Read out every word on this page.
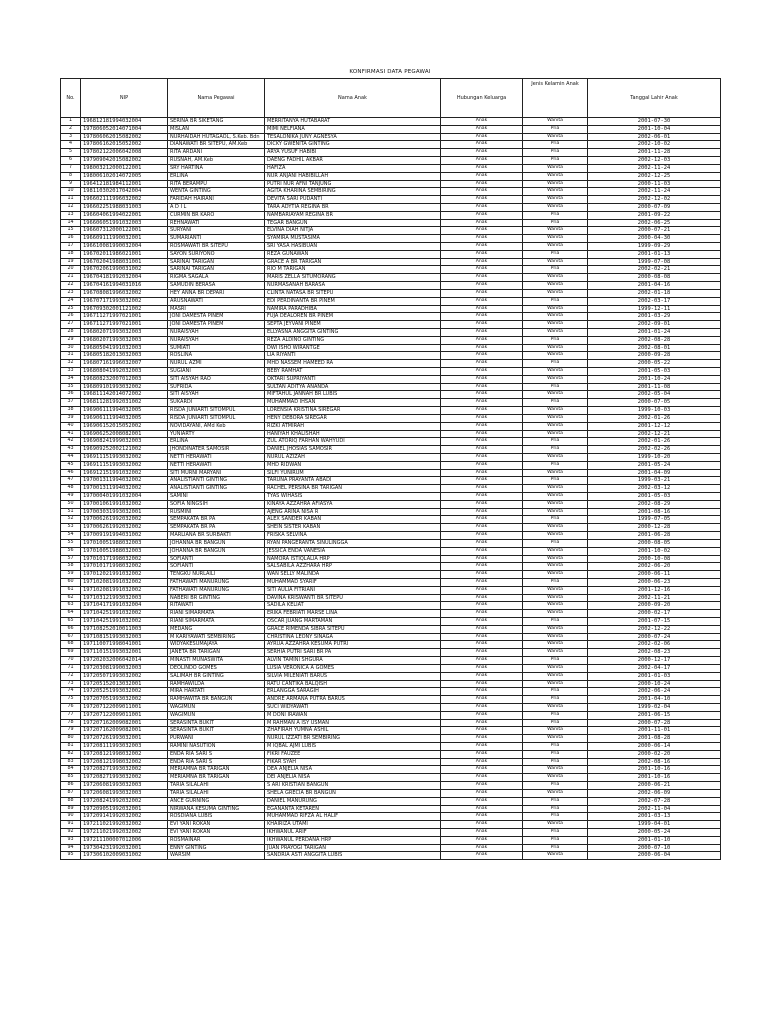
KONFIRMASI DATA PEGAWAI
No.	NIP	Nama Pegawai	Nama Anak	Hubungan Keluarga	Jenis Kelamin Anak	Tanggal Lahir Anak
1	196812181994032004	SERINA BR SIKETANG	MERRITANYA HUTABARAT	Anak	Wanita	2001-07-30
2	197806052014071004	MISLAN	MIMI NELFIANA	Anak	Pria	2001-10-04
3	197806062015082002	NURHAIDAH HUTAGAOL, S.Keb. Bdn	TESALONIKA JUNY AGNESYA	Anak	Wanita	2002-06-01
4	197806162015052002	DIANAWATI BR SITEPU, AM.Keb	DICKY GWENITA GINTING	Anak	Pria	2002-10-02
5	197802122006042008	RITA ARDANI	ARYA YUSUF HABIBI	Anak	Pria	2001-11-28
6	197909042015082002	RUSNAH, AM.Keb	DAENG FADHIL AKBAR	Anak	Pria	2002-12-03
7	198003212000122001	SRY HARTINA	HAFIZA	Anak	Wanita	2002-11-24
8	198006102014072005	ERLINA	NUR ANJANI HABIBILLAH	Anak	Wanita	2002-12-25
9	196412181984112001	RITA BERAMPU	PUTRI NUR AFNI TANJUNG	Anak	Wanita	2000-11-03
10	198110302017042004	WENTA GINTING	AGITA KHARINA SEMBIRING	Anak	Wanita	2002-11-24
11	196602111996032002	FARIDAH HAIRANI	DEVITA SARI PUDANTI	Anak	Wanita	2002-12-02
12	196602251988031003	A D I L	TARA ADYTIA REGINA BR	Anak	Wanita	2000-07-09
13	196604061994022001	CURMIN BR KARO	NAMBARIAYAM REGINA BR	Anak	Pria	2001-09-22
14	196606051991032003	REHNAWATI	TEGAR BANGUN	Anak	Pria	2002-06-25
15	196607312000122001	SURYANI	ELVINA DIAH NITJA	Anak	Wanita	2000-07-21
16	196609111990032001	SUMARIANTI	SYAMIRA MUSTASIMA	Anak	Wanita	2000-04-30
17	196610081990032004	ROSMAWATI BR SITEPU	SRI YASA HASIBUAN	Anak	Wanita	1999-09-29
18	196702011986021001	SAYON SURIYONO	REZA GUNAWAN	Anak	Pria	2001-01-13
19	196702041988031001	SARINAI TARIGAN	GRACE A BR TARIGAN	Anak	Wanita	1999-07-08
20	196702061990031002	SARINAI TARIGAN	RIO M TARIGAN	Anak	Pria	2002-02-21
21	196704181992032004	RIGMA SAGALA	MARIS ZELLA SITUMORANG	Anak	Wanita	2000-08-08
22	196704161994031016	SAMUDIN BERASA	NURMASANAH BARASA	Anak	Wanita	2001-04-16
23	196708081996032002	HEY ANNA BR DEPARI	CLINTA NATASA BR SITEPU	Anak	Wanita	2002-01-18
24	196707171993032002	ARUSNAWATI	EDI PERDINANTA BR PINEM	Anak	Pria	2002-03-17
25	196709302001121002	MASRI	NAMIRA PARADHIBA	Anak	Wanita	1999-12-11
26	196711271997021001	JONI DAMESTA PINEM	FUJA DEALOREN BR PINEM	Anak	Wanita	2001-03-29
27	196711271997021001	JONI DAMESTA PINEM	SEPTA JEYVANI PINEM	Anak	Wanita	2002-09-01
28	196802071993032003	NURAISYAH	ELLYASNA ANGGITA GINTING	Anak	Wanita	2001-01-24
29	196802071993032003	NURAISYAH	REZA ALDINO GINTING	Anak	Pria	2002-08-28
30	196805041991032003	SUMIATI	DWI ISHO WIRANTGE	Anak	Wanita	2002-08-01
31	196805182013032003	ROSLINA	LIA RIYANTI	Anak	Wanita	2000-09-28
32	196807161996032007	NURUL AZMI	MHD NASSEM HAMEED RA	Anak	Pria	2000-05-22
33	196808041992032003	SUGIANI	BEBY RAMHAT	Anak	Wanita	2001-05-03
34	196808232007012003	SITI AISYAH RAO	OKTARI SUPRIYANTI	Anak	Wanita	2001-10-24
35	196809101993032002	SUFRIDA	SULTAN ADITYA ANANDA	Anak	Pria	2001-11-08
36	196811142014072002	SITI AISYAH	MIFTAHUL JANNAH BR LUBIS	Anak	Wanita	2002-05-04
37	196811281992031002	SUKARDI	MUHAMMAD IHSAN	Anak	Pria	2000-07-05
38	196906111994032005	RISDA JUNIARTI SITOMPUL	LORENSIA KRISTINA SIREGAR	Anak	Wanita	1999-10-03
39	196906111994032005	RISDA JUNIARTI SITOMPUL	HENY DEBORA SIREGAR	Anak	Wanita	2002-01-26
40	196906152015052002	NOVIDAYANI, AMd Keb	RIZKI ATMIRAH	Anak	Wanita	2001-12-12
41	196906252008082001	YUNIARTY	HANIYAH KHALISHAH	Anak	Wanita	2002-12-21
42	196908241999032003	ERLINA	ZUL ATORIQ FARHAN WAHYUDI	Anak	Pria	2002-01-26
43	196909252002121002	JHONDINATER SAMOSIR	DANIEL JHOSIAS SAMOSIR	Anak	Pria	2002-02-26
44	196911151993032002	NETTI HERAWATI	NURUL AZIZAH	Anak	Wanita	1999-10-20
45	196911151993032002	NETTI HERAWATI	MHD RIDWAN	Anak	Pria	2001-05-24
46	196912151991032002	SITI MURNI MARYANI	SILFI YUNIRUM	Anak	Wanita	2001-04-09
47	197001311994032002	ANALISTIANTI GINTING	TARUNA PRAYANTA ABADI	Anak	Pria	1999-03-21
48	197001311994032002	ANALISTIANTI GINTING	RACHEL PERSINA BR TARIGAN	Anak	Wanita	2002-03-12
49	197000401991032004	SAMINI	TYAS WIHASIS	Anak	Wanita	2001-05-03
50	197001061991032002	SOFIA NINGSIH	KINAYA AZZAHRA AFIASYA	Anak	Wanita	2002-08-29
51	197003031993032001	RUSMINI	AJENG ARINA NISA R	Anak	Wanita	2001-08-16
52	197006261992032002	SEMPAKATA BR PA	ALEX SANDER KABAN	Anak	Pria	1999-07-05
53	197006261992032002	SEMPAKATA BR PA	SHEIN SISTER KABAN	Anak	Wanita	2000-12-28
54	197009191994031002	MARLIANA BR SURBAKTI	FRISKA SELVINA	Anak	Wanita	2001-06-28
55	197010051988032003	JOHANNA BR BANGUN	RYAN PANGERANTA SINULINGGA	Anak	Pria	2000-08-05
56	197010051988032003	JOHANNA BR BANGUN	JESSICA ENDA VANESIA	Anak	Wanita	2001-10-02
57	197010171998032002	SOFIANTI	NAMORA ISTIQLALIA HRP	Anak	Wanita	2000-10-08
58	197010171998032002	SOFIANTI	SALSABILA AZZHARA HRP	Anak	Wanita	2002-06-20
59	197012021991032002	TENGKU NURLAILI	WAN SELLY MALINDA	Anak	Wanita	2000-06-11
60	197102081991032002	FATHAWATI MANURUNG	MUHAMMAD SYARIF	Anak	Pria	2000-06-23
61	197102081991032002	FATHAWATI MANURUNG	SITI AULIA FITRIANI	Anak	Wanita	2001-12-16
62	197103121993032003	NABERI BR GINTING	DAVINA KRISWANTI BR SITEPU	Anak	Wanita	2002-11-21
63	197104171991032004	RITAWATI	SADILA KELIAT	Anak	Wanita	2000-09-20
64	197104251991032002	RIANI SIMARMATA	ERIKA FEBRIATI MARSE LINA	Anak	Wanita	2000-02-17
65	197104251991032002	RIANI SIMARMATA	OSCAR JUANG MARTAMAN	Anak	Pria	2001-07-15
66	197108252010011003	MEDANG	GRACE RIMENDA SIBRA SITEPU	Anak	Wanita	2002-12-22
67	197108151993032003	M KARIYAWATI SEMBIRING	CHRISTINA LEONY SINAGA	Anak	Wanita	2000-07-24
68	197110071998041001	WIDYAKESUMAJAYA	AYRUA AZZAHRA KESUMA PUTRI	Anak	Wanita	2002-02-06
69	197110151993032001	JANETA BR TARIGAN	SERHIA PUTRI SARI BR PA	Anak	Wanita	2002-08-23
70	197202032006042014	MINASTI MUNASWITA	ALVIN TAMINI SHGURA	Anak	Pria	2000-12-17
71	197203081990032003	DEOLINDO GOMES	LUSIA VERONICA A GOMES	Anak	Wanita	2002-04-17
72	197205071993032002	SALIMAH BR GINTING	SILVIA MILENIATI BARUS	Anak	Wanita	2001-01-03
73	197205152013032001	RAMHAWILDA	RATU CANTIKA BALQISH	Anak	Wanita	2000-10-24
74	197205251993032002	MIRA HARTATI	ERLANGGA SARAGIH	Anak	Pria	2002-06-24
75	197207051993032002	RAMHAWITA BR BANGUN	ANDRE ARMANA PUTRA BARUS	Anak	Pria	2001-04-10
76	197207122009011001	WAGIMUN	SUCI WIDYAWATI	Anak	Wanita	1999-02-04
77	197207122009011001	WAGIMUN	M DONI IRAWAN	Anak	Pria	2001-06-15
78	197207162009082001	SERASINTA BUKIT	M RAHMAN A ISY USMAN	Anak	Pria	2000-07-28
79	197207162009082001	SERASINTA BUKIT	ZHAFIRAH YUMNA ASHIL	Anak	Wanita	2001-11-01
80	197207261993032001	PURWANI	NURUL IZZATI BR SEMBIRING	Anak	Wanita	2001-08-28
81	197208111993032003	RAMINI NASUTION	M IQBAL AJMI LUBIS	Anak	Pria	2000-06-14
82	197208121998032002	ENDA RIA SARI S	FIKRI FAUZEE	Anak	Pria	2000-02-20
83	197208121998032002	ENDA RIA SARI S	FIKAR SYAH	Anak	Pria	2002-08-16
84	197208271993032002	MERIAMNA BR TARIGAN	DEA ANJELIA NISA	Anak	Wanita	2001-10-16
85	197208271993032002	MERIAMNA BR TARIGAN	DEI ANJELIA NISA	Anak	Wanita	2001-10-16
86	197206081993032003	TARIA SILALAHI	S ARI KRISTIAN BANGUN	Anak	Pria	2000-06-21
87	197206081993032003	TARIA SILALAHI	SHELA GRECIA BR BANGUN	Anak	Wanita	2002-06-09
88	197208241992032002	ANCE GURNING	DANIEL MANURUNG	Anak	Pria	2002-07-28
89	197209051992032001	NIRWANA KESUMA GINTING	EGANANTA KETAREN	Anak	Pria	2002-11-04
90	197209141992032002	ROSDIANA LUBIS	MUHAMMAD RIFZA AL HALIF	Anak	Pria	2001-03-13
91	197211021992032002	EVI YANI ROKAN	KHAIRIZA UTAMI	Anak	Wanita	1999-04-01
92	197211021992032002	EVI YANI ROKAN	IKHWANUL ARIF	Anak	Pria	2000-05-24
93	197211100007012006	ROSMAINAR	IKHWANUL PERDANA HRP	Anak	Pria	2001-01-10
94	197304231992032001	ENNY GINTING	JUAN PRAYOGI TARIGAN	Anak	Pria	2000-07-10
95	197306102009031002	WARSIM	SANDRIA ASTI ANGGITA LUBIS	Anak	Wanita	2000-06-04
